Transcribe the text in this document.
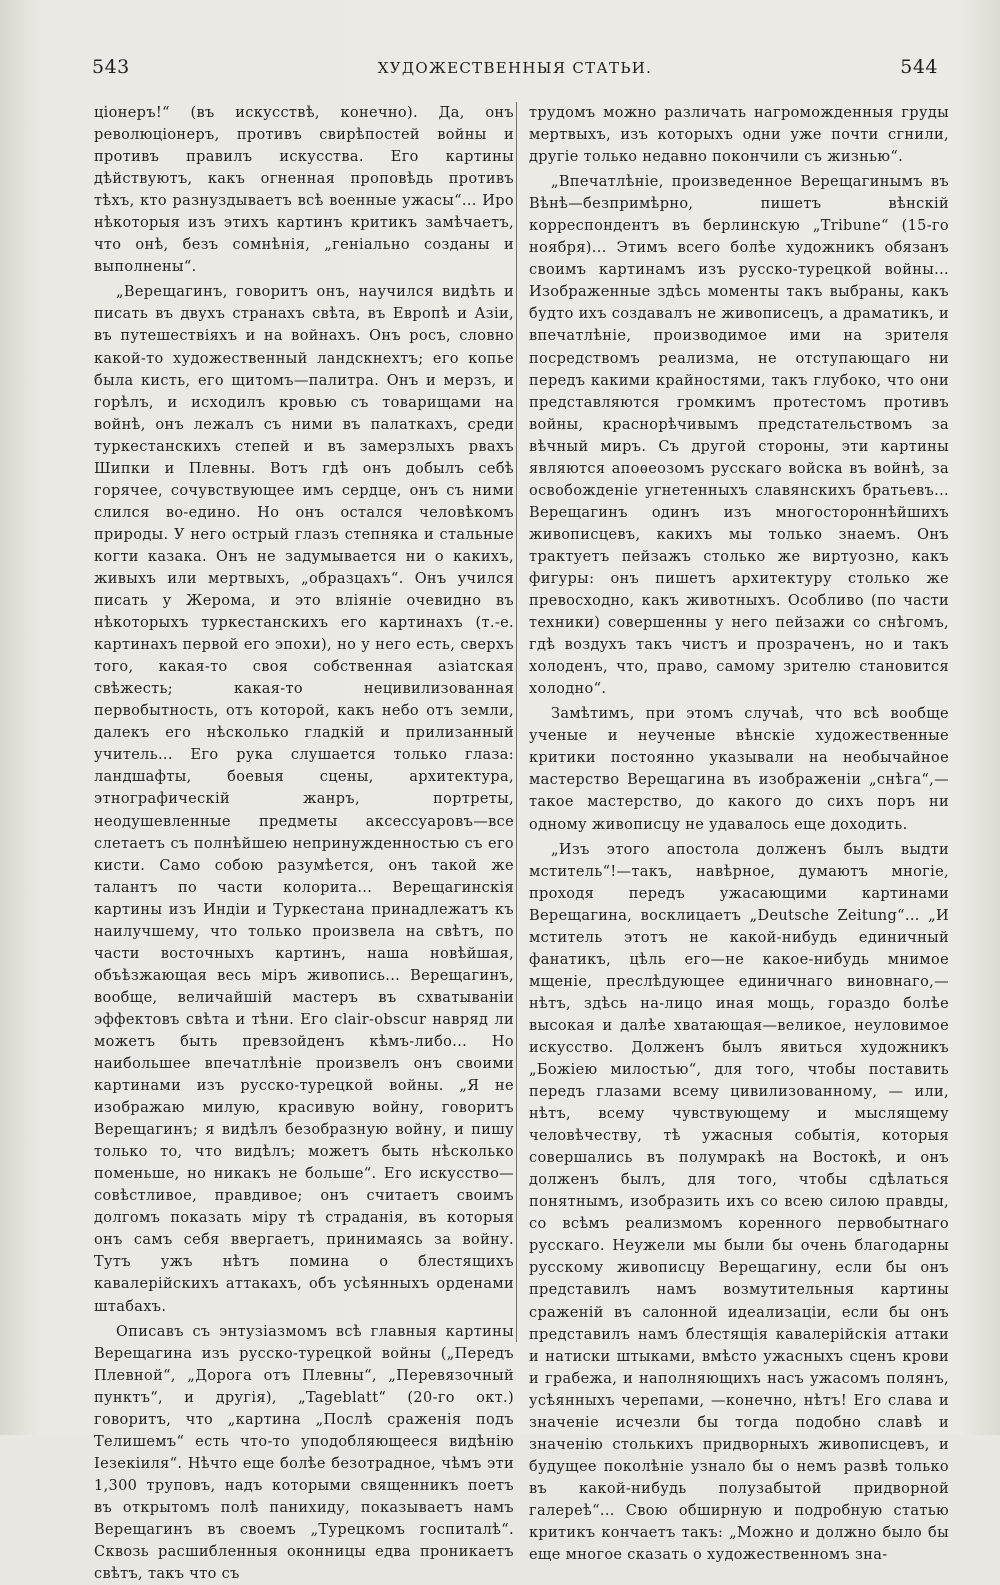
543	ХУДОЖЕСТВЕННЫЯ СТАТЬИ.	544

ціонеръ!“ (въ искусствѣ, конечно). Да, онъ революціонеръ, противъ свирѣпостей войны и противъ правилъ искусства. Его картины дѣйствуютъ, какъ огненная проповѣдь противъ тѣхъ, кто разнуздываетъ всѣ военные ужасы“... Иро нѣкоторыя изъ этихъ картинъ критикъ замѣчаетъ, что онѣ, безъ сомнѣнія, „геніально созданы и выполнены“.

„Верещагинъ, говоритъ онъ, научился видѣть и писать въ двухъ странахъ свѣта, въ Европѣ и Азіи, въ путешествіяхъ и на войнахъ. Онъ росъ, словно какой-то художественный ландскнехтъ; его копье была кисть, его щитомъ—палитра. Онъ и мерзъ, и горѣлъ, и исходилъ кровью съ товарищами на войнѣ, онъ лежалъ съ ними въ палаткахъ, среди туркестанскихъ степей и въ замерзлыхъ рвахъ Шипки и Плевны. Вотъ гдѣ онъ добылъ себѣ горячее, сочувствующее имъ сердце, онъ съ ними слился во-едино. Но онъ остался человѣкомъ природы. У него острый глазъ степняка и стальные когти казака. Онъ не задумывается ни о какихъ, живыхъ или мертвыхъ, „образцахъ“. Онъ учился писать у Жерома, и это вліяніе очевидно въ нѣкоторыхъ туркестанскихъ его картинахъ (т.-е. картинахъ первой его эпохи), но у него есть, сверхъ того, какая-то своя собственная азіатская свѣжесть; какая-то нецивилизованная первобытность, отъ которой, какъ небо отъ земли, далекъ его нѣсколько гладкій и прилизанный учитель... Его рука слушается только глаза: ландшафты, боевыя сцены, архитектура, этнографическій жанръ, портреты, неодушевленные предметы аксессуаровъ—все слетаетъ съ полнѣйшею непринужденностью съ его кисти. Само собою разумѣется, онъ такой же талантъ по части колорита... Верещагинскія картины изъ Индіи и Туркестана принадлежатъ къ наилучшему, что только произвела на свѣтъ, по части восточныхъ картинъ, наша новѣйшая, объѣзжающая весь міръ живопись... Верещагинъ, вообще, величайшій мастеръ въ схватываніи эффектовъ свѣта и тѣни. Его clair-obscur навряд ли можетъ быть превзойденъ кѣмъ-либо... Но наибольшее впечатлѣніе произвелъ онъ своими картинами изъ русско-турецкой войны. „Я не изображаю милую, красивую войну, говоритъ Верещагинъ; я видѣлъ безобразную войну, и пишу только то, что видѣлъ; можетъ быть нѣсколько поменьше, но никакъ не больше“. Его искусство—совѣстливое, правдивое; онъ считаетъ своимъ долгомъ показать міру тѣ страданія, въ которыя онъ самъ себя ввергаетъ, принимаясь за войну. Тутъ ужъ нѣтъ помина о блестящихъ кавалерійскихъ аттакахъ, объ усѣянныхъ орденами штабахъ.

Описавъ съ энтузіазмомъ всѣ главныя картины Верещагина изъ русско-турецкой войны („Передъ Плевной“, „Дорога отъ Плевны“, „Перевязочный пунктъ“, и другія), „Tageblatt“ (20-го окт.) говоритъ, что „картина „Послѣ сраженія подъ Телишемъ“ есть что-то уподобляющееся видѣнію Іезекіиля“. Нѣчто еще болѣе безотрадное, чѣмъ эти 1,300 труповъ, надъ которыми священникъ поетъ въ открытомъ полѣ панихиду, показываетъ намъ Верещагинъ въ своемъ „Турецкомъ госпиталѣ“. Сквозь расшибленныя оконницы едва проникаетъ свѣтъ, такъ что съ

трудомъ можно различать нагроможденныя груды мертвыхъ, изъ которыхъ одни уже почти сгнили, другіе только недавно покончили съ жизнью“.

„Впечатлѣніе, произведенное Верещагинымъ въ Вѣнѣ—безпримѣрно, пишетъ вѣнскій корреспондентъ въ берлинскую „Tribune“ (15-го ноября)... Этимъ всего болѣе художникъ обязанъ своимъ картинамъ изъ русско-турецкой войны... Изображенные здѣсь моменты такъ выбраны, какъ будто ихъ создавалъ не живописецъ, а драматикъ, и впечатлѣніе, производимое ими на зрителя посредствомъ реализма, не отступающаго ни передъ какими крайностями, такъ глубоко, что они представляются громкимъ протестомъ противъ войны, краснорѣчивымъ предстательствомъ за вѣчный миръ. Съ другой стороны, эти картины являются апоѳеозомъ русскаго войска въ войнѣ, за освобожденіе угнетенныхъ славянскихъ братьевъ... Верещагинъ одинъ изъ многостороннѣйшихъ живописцевъ, какихъ мы только знаемъ. Онъ трактуетъ пейзажъ столько же виртуозно, какъ фигуры: онъ пишетъ архитектуру столько же превосходно, какъ животныхъ. Особливо (по части техники) совершенны у него пейзажи со снѣгомъ, гдѣ воздухъ такъ чистъ и прозраченъ, но и такъ холоденъ, что, право, самому зрителю становится холодно“.

Замѣтимъ, при этомъ случаѣ, что всѣ вообще ученые и неученые вѣнскіе художественные критики постоянно указывали на необычайное мастерство Верещагина въ изображеніи „снѣга“,—такое мастерство, до какого до сихъ поръ ни одному живописцу не удавалось еще доходить.

„Изъ этого апостола долженъ былъ выдти мститель“!—такъ, навѣрное, думаютъ многіе, проходя передъ ужасающими картинами Верещагина, восклицаетъ „Deutsche Zeitung“... „И мститель этотъ не какой-нибудь единичный фанатикъ, цѣль его—не какое-нибудь мнимое мщеніе, преслѣдующее единичнаго виновнаго,—нѣтъ, здѣсь на-лицо иная мощь, гораздо болѣе высокая и далѣе хватающая—великое, неуловимое искусство. Долженъ былъ явиться художникъ „Божіею милостью“, для того, чтобы поставить передъ глазами всему цивилизованному, — или, нѣтъ, всему чувствующему и мыслящему человѣчеству, тѣ ужасныя событія, которыя совершались въ полумракѣ на Востокѣ, и онъ долженъ былъ, для того, чтобы сдѣлаться понятнымъ, изобразить ихъ со всею силою правды, со всѣмъ реализмомъ коренного первобытнаго русскаго. Неужели мы были бы очень благодарны русскому живописцу Верещагину, если бы онъ представилъ намъ возмутительныя картины сраженій въ салонной идеализаціи, если бы онъ представилъ намъ блестящія кавалерійскія аттаки и натиски штыками, вмѣсто ужасныхъ сценъ крови и грабежа, и наполняющихъ насъ ужасомъ полянъ, усѣянныхъ черепами, —конечно, нѣтъ! Его слава и значеніе исчезли бы тогда подобно славѣ и значенію столькихъ придворныхъ живописцевъ, и будущее поколѣніе узнало бы о немъ развѣ только въ какой-нибудь полузабытой придворной галереѣ“... Свою обширную и подробную статью критикъ кончаетъ такъ: „Можно и должно было бы еще многое сказать о художественномъ зна-
